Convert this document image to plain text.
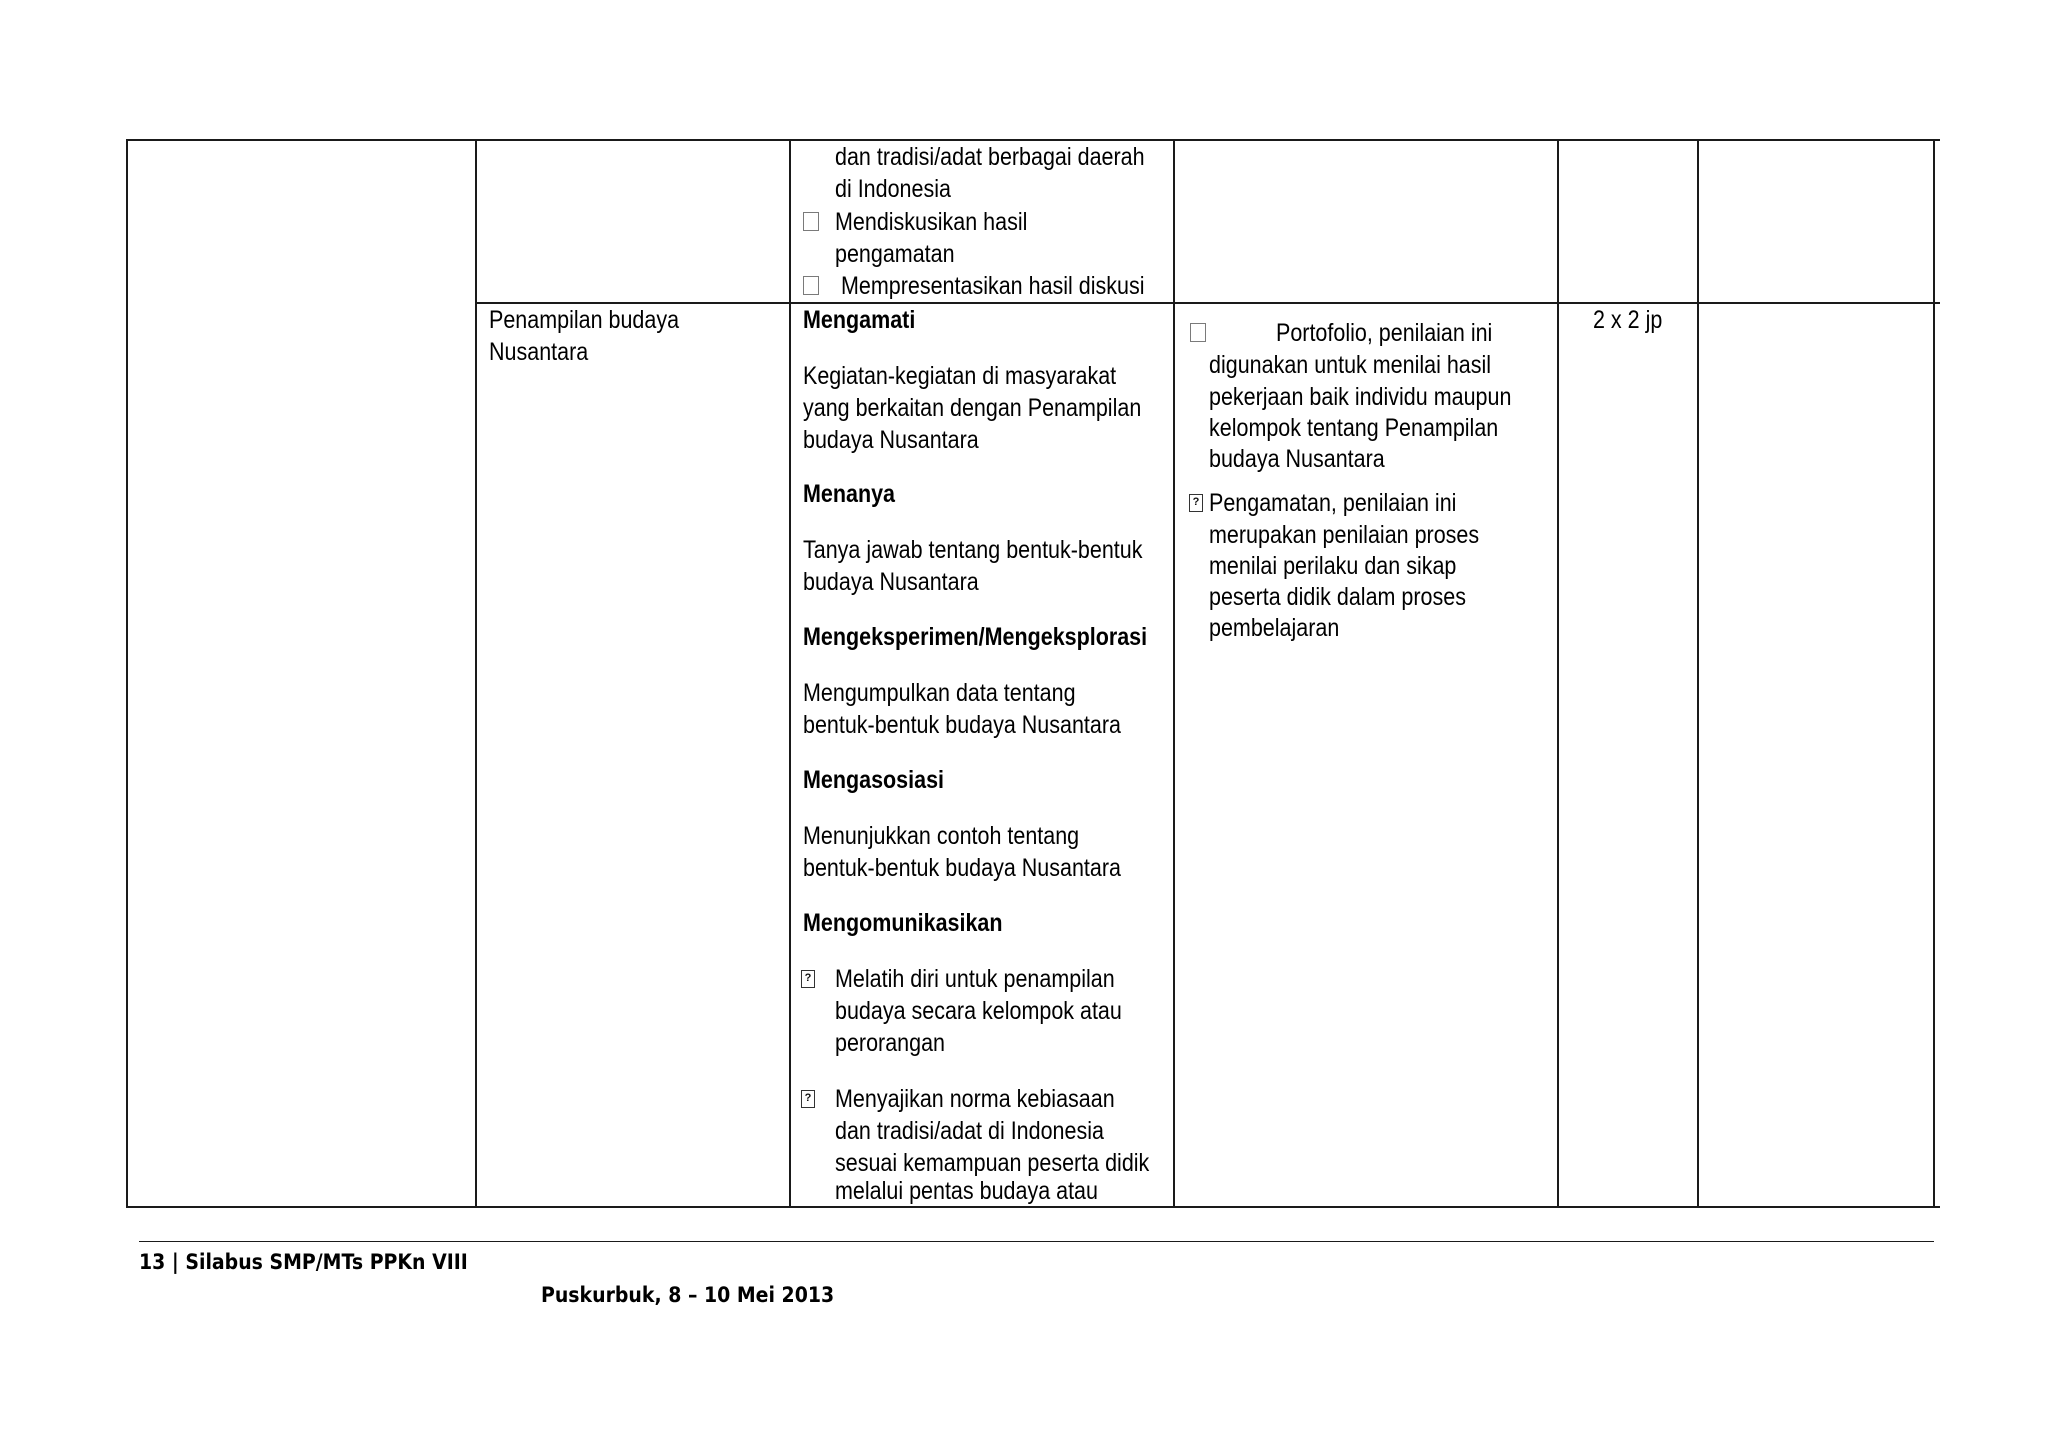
dan tradisi/adat berbagai daerah
di Indonesia
Mendiskusikan hasil
pengamatan
Mempresentasikan hasil diskusi
Penampilan budaya
Nusantara
Mengamati
Kegiatan-kegiatan di masyarakat
yang berkaitan dengan Penampilan
budaya Nusantara
Menanya
Tanya jawab tentang bentuk-bentuk
budaya Nusantara
Mengeksperimen/Mengeksplorasi
Mengumpulkan data tentang
bentuk-bentuk budaya Nusantara
Mengasosiasi
Menunjukkan contoh tentang
bentuk-bentuk budaya Nusantara
Mengomunikasikan
? Melatih diri untuk penampilan
budaya secara kelompok atau
perorangan
? Menyajikan norma kebiasaan
dan tradisi/adat di Indonesia
sesuai kemampuan peserta didik
melalui pentas budaya atau
Portofolio, penilaian ini
digunakan untuk menilai hasil
pekerjaan baik individu maupun
kelompok tentang Penampilan
budaya Nusantara
? Pengamatan, penilaian ini
merupakan penilaian proses
menilai perilaku dan sikap
peserta didik dalam proses
pembelajaran
2 x 2 jp
13 | Silabus SMP/MTs PPKn VIII
Puskurbuk, 8 – 10 Mei 2013
